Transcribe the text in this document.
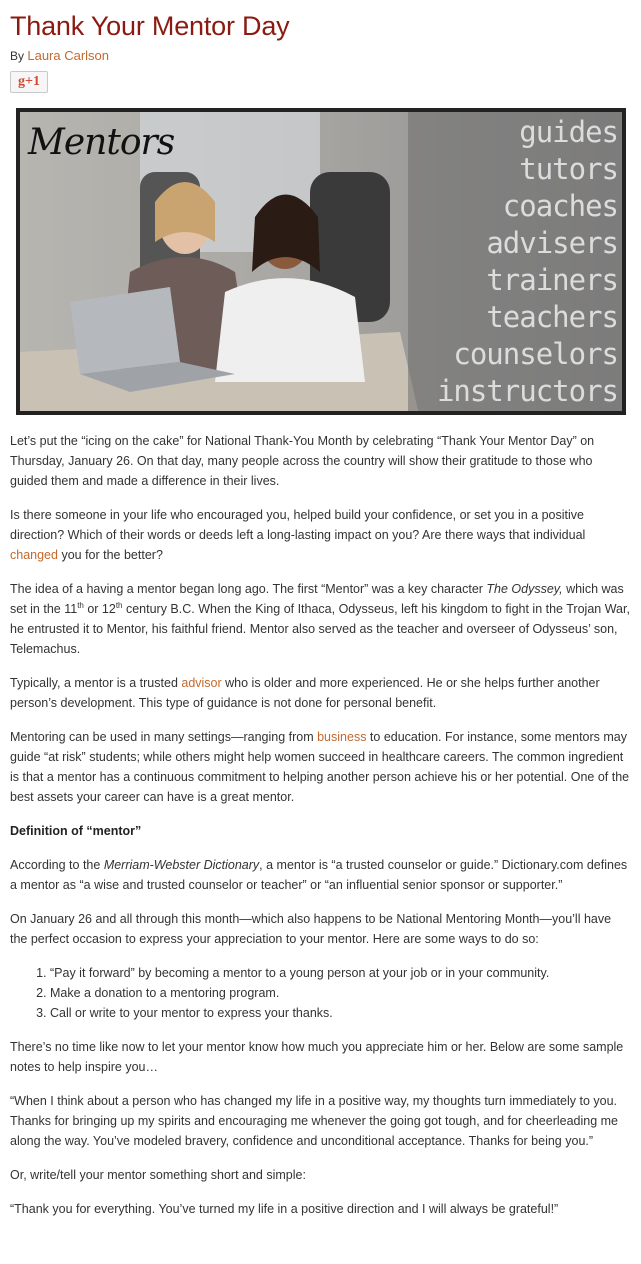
Thank Your Mentor Day
By Laura Carlson
g+1
Mentors	guides
tutors
coaches
advisers
trainers
teachers
counselors
instructors

Let’s put the “icing on the cake” for National Thank-You Month by celebrating “Thank Your Mentor Day” on Thursday, January 26. On that day, many people across the country will show their gratitude to those who guided them and made a difference in their lives.

Is there someone in your life who encouraged you, helped build your confidence, or set you in a positive direction? Which of their words or deeds left a long-lasting impact on you? Are there ways that individual changed you for the better?

The idea of a having a mentor began long ago. The first “Mentor” was a key character The Odyssey, which was set in the 11th or 12th century B.C. When the King of Ithaca, Odysseus, left his kingdom to fight in the Trojan War, he entrusted it to Mentor, his faithful friend. Mentor also served as the teacher and overseer of Odysseus’ son, Telemachus.

Typically, a mentor is a trusted advisor who is older and more experienced. He or she helps further another person’s development. This type of guidance is not done for personal benefit.

Mentoring can be used in many settings—ranging from business to education. For instance, some mentors may guide “at risk” students; while others might help women succeed in healthcare careers. The common ingredient is that a mentor has a continuous commitment to helping another person achieve his or her potential. One of the best assets your career can have is a great mentor.

Definition of “mentor”

According to the Merriam-Webster Dictionary, a mentor is “a trusted counselor or guide.” Dictionary.com defines a mentor as “a wise and trusted counselor or teacher” or “an influential senior sponsor or supporter.”

On January 26 and all through this month—which also happens to be National Mentoring Month—you’ll have the perfect occasion to express your appreciation to your mentor. Here are some ways to do so:

1. “Pay it forward” by becoming a mentor to a young person at your job or in your community.
2. Make a donation to a mentoring program.
3. Call or write to your mentor to express your thanks.

There’s no time like now to let your mentor know how much you appreciate him or her. Below are some sample notes to help inspire you…

“When I think about a person who has changed my life in a positive way, my thoughts turn immediately to you. Thanks for bringing up my spirits and encouraging me whenever the going got tough, and for cheerleading me along the way. You’ve modeled bravery, confidence and unconditional acceptance. Thanks for being you.”

Or, write/tell your mentor something short and simple:

“Thank you for everything. You’ve turned my life in a positive direction and I will always be grateful!”
